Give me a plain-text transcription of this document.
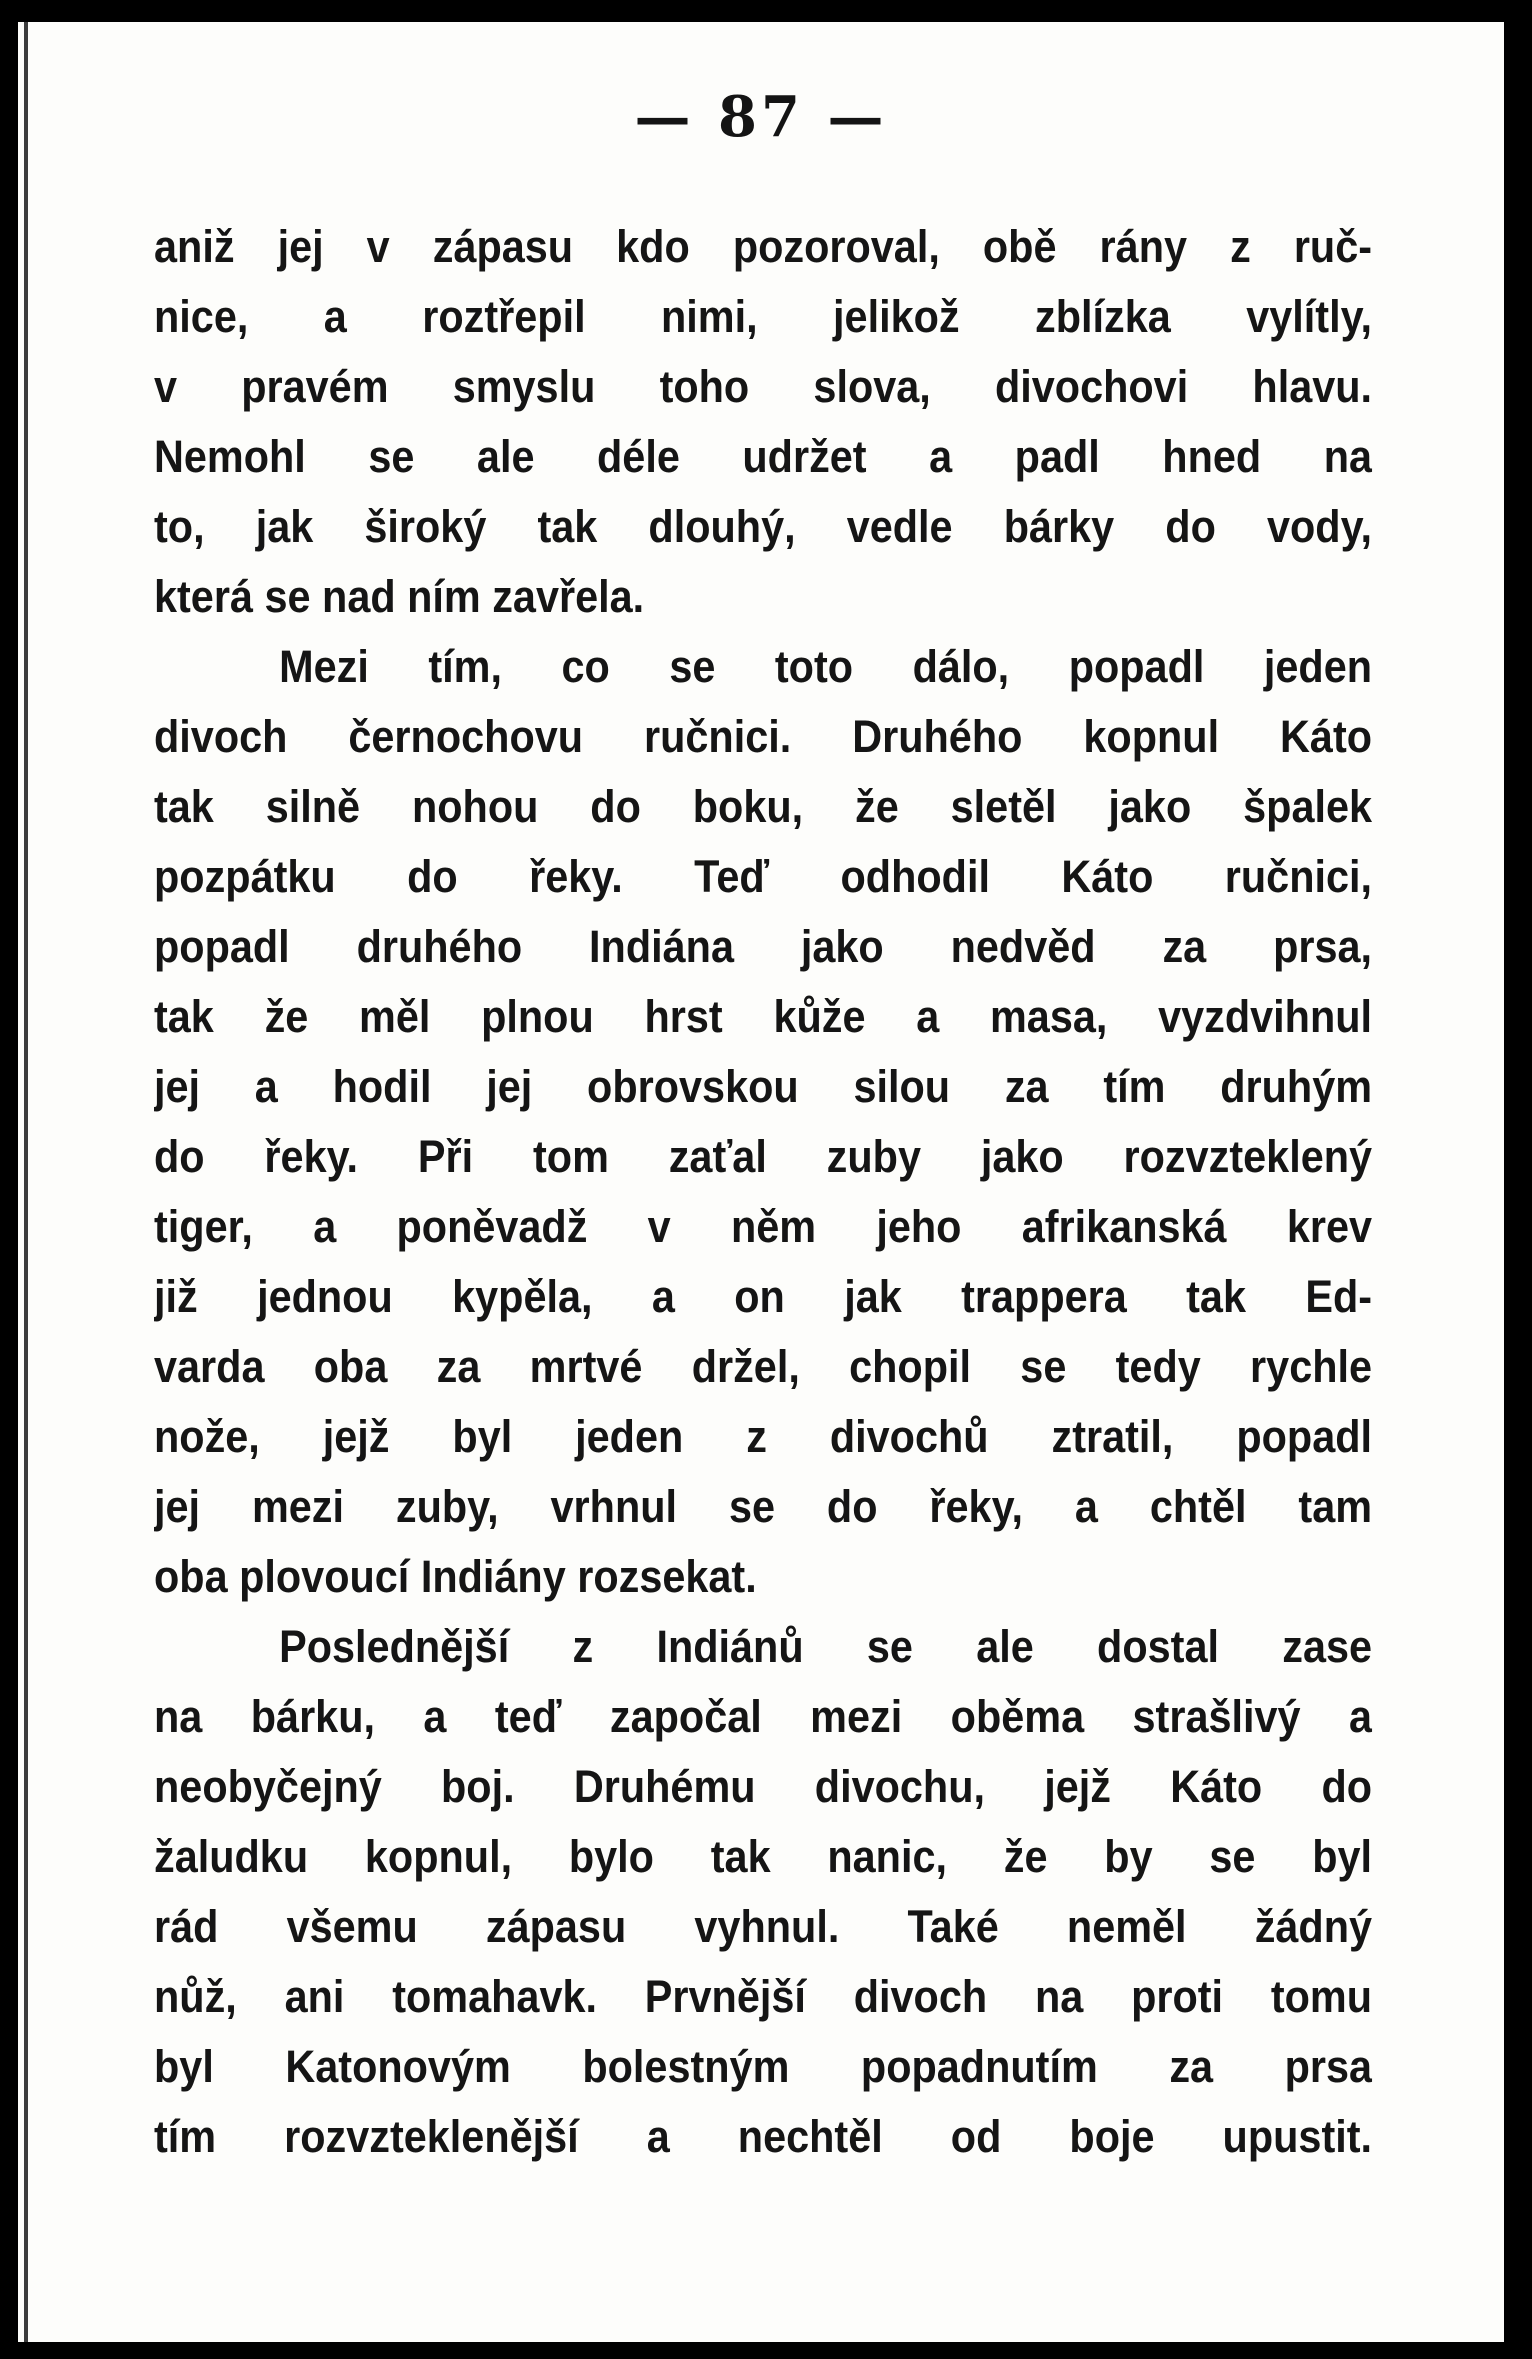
— 87 —
aniž jej v zápasu kdo pozoroval, obě rány z ruč-
nice, a roztřepil nimi, jelikož zblízka vylítly,
v pravém smyslu toho slova, divochovi hlavu.
Nemohl se ale déle udržet a padl hned na
to, jak široký tak dlouhý, vedle bárky do vody,
která se nad ním zavřela.
Mezi tím, co se toto dálo, popadl jeden
divoch černochovu ručnici. Druhého kopnul Káto
tak silně nohou do boku, že sletěl jako špalek
pozpátku do řeky. Teď odhodil Káto ručnici,
popadl druhého Indiána jako nedvěd za prsa,
tak že měl plnou hrst kůže a masa, vyzdvihnul
jej a hodil jej obrovskou silou za tím druhým
do řeky. Při tom zaťal zuby jako rozvzteklený
tiger, a poněvadž v něm jeho afrikanská krev
již jednou kypěla, a on jak trappera tak Ed-
varda oba za mrtvé držel, chopil se tedy rychle
nože, jejž byl jeden z divochů ztratil, popadl
jej mezi zuby, vrhnul se do řeky, a chtěl tam
oba plovoucí Indiány rozsekat.
Poslednější z Indiánů se ale dostal zase
na bárku, a teď započal mezi oběma strašlivý a
neobyčejný boj. Druhému divochu, jejž Káto do
žaludku kopnul, bylo tak nanic, že by se byl
rád všemu zápasu vyhnul. Také neměl žádný
nůž, ani tomahavk. Prvnější divoch na proti tomu
byl Katonovým bolestným popadnutím za prsa
tím rozvzteklenější a nechtěl od boje upustit.
